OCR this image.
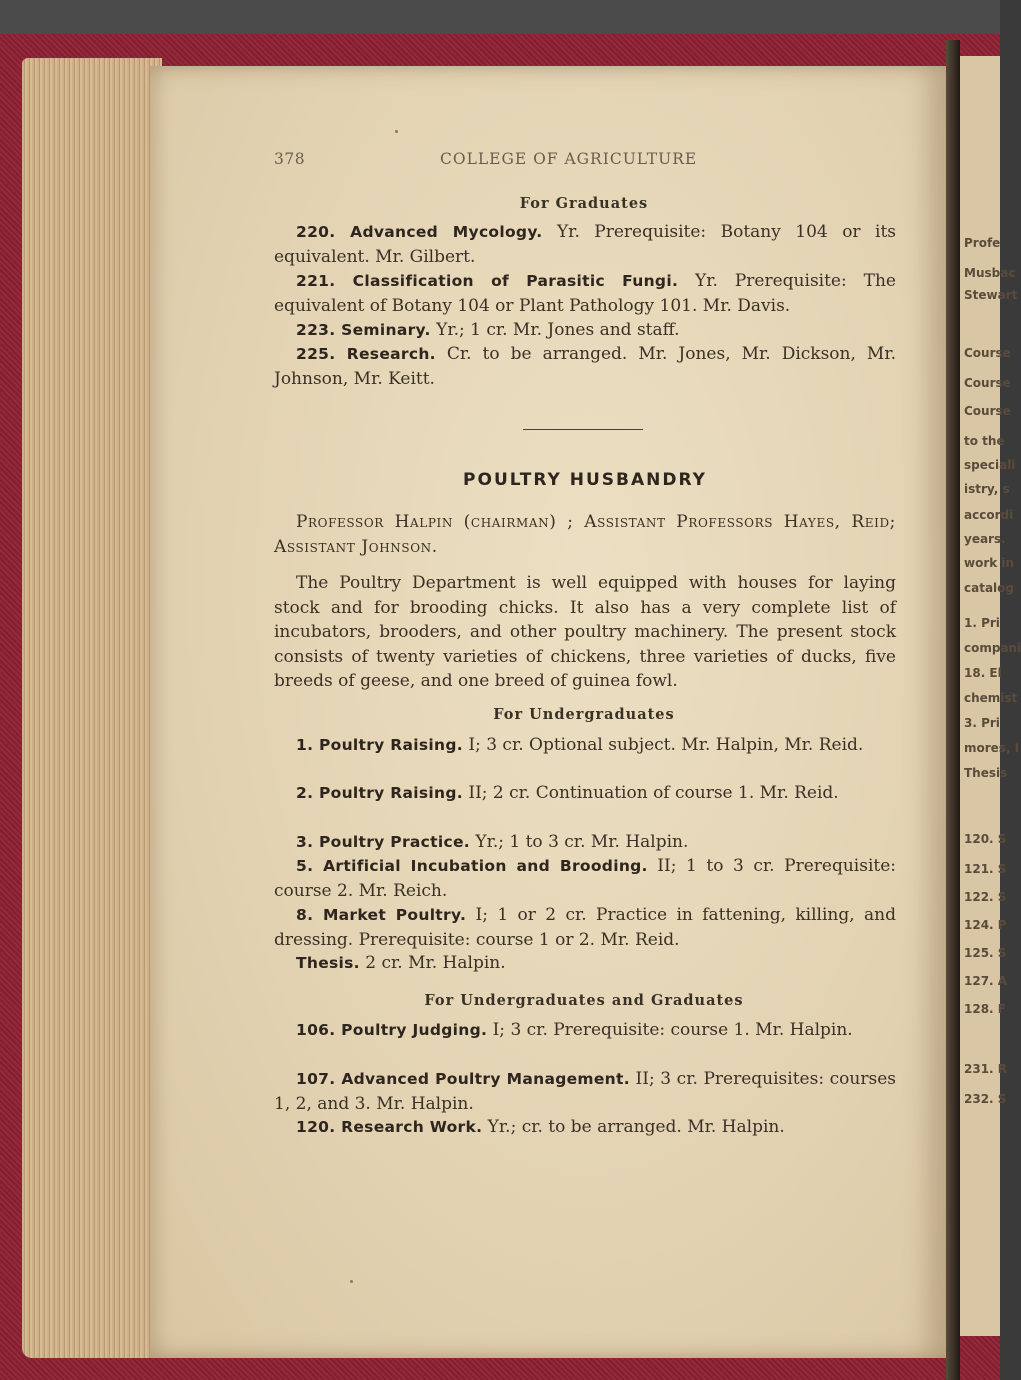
Profe
Musbac
Stewart
Course
Course
Course
to the
speciali
istry, s
accordi
years.
work in
catalog
1. Pri
compani
18. El
chemist
3. Pri
mores, I
Thesis
120. S
121. S
122. S
124. P
125. S
127. A
128. F
231. R
232. S
378	COLLEGE OF AGRICULTURE
For Graduates

220. Advanced Mycology. Yr. Prerequisite: Botany 104 or its equivalent. Mr. Gilbert.

221. Classification of Parasitic Fungi. Yr. Prerequisite: The equivalent of Botany 104 or Plant Pathology 101. Mr. Davis.

223. Seminary. Yr.; 1 cr. Mr. Jones and staff.

225. Research. Cr. to be arranged. Mr. Jones, Mr. Dickson, Mr. Johnson, Mr. Keitt.

POULTRY HUSBANDRY

Professor Halpin (chairman) ; Assistant Professors Hayes, Reid; Assistant Johnson.

The Poultry Department is well equipped with houses for laying stock and for brooding chicks. It also has a very complete list of incubators, brooders, and other poultry machinery. The present stock consists of twenty varieties of chickens, three varieties of ducks, five breeds of geese, and one breed of guinea fowl.

For Undergraduates

1. Poultry Raising. I; 3 cr. Optional subject. Mr. Halpin, Mr. Reid.

2. Poultry Raising. II; 2 cr. Continuation of course 1. Mr. Reid.

3. Poultry Practice. Yr.; 1 to 3 cr. Mr. Halpin.

5. Artificial Incubation and Brooding. II; 1 to 3 cr. Prerequisite: course 2. Mr. Reich.

8. Market Poultry. I; 1 or 2 cr. Practice in fattening, killing, and dressing. Prerequisite: course 1 or 2. Mr. Reid.

Thesis. 2 cr. Mr. Halpin.

For Undergraduates and Graduates

106. Poultry Judging. I; 3 cr. Prerequisite: course 1. Mr. Halpin.

107. Advanced Poultry Management. II; 3 cr. Prerequisites: courses 1, 2, and 3. Mr. Halpin.

120. Research Work. Yr.; cr. to be arranged. Mr. Halpin.
